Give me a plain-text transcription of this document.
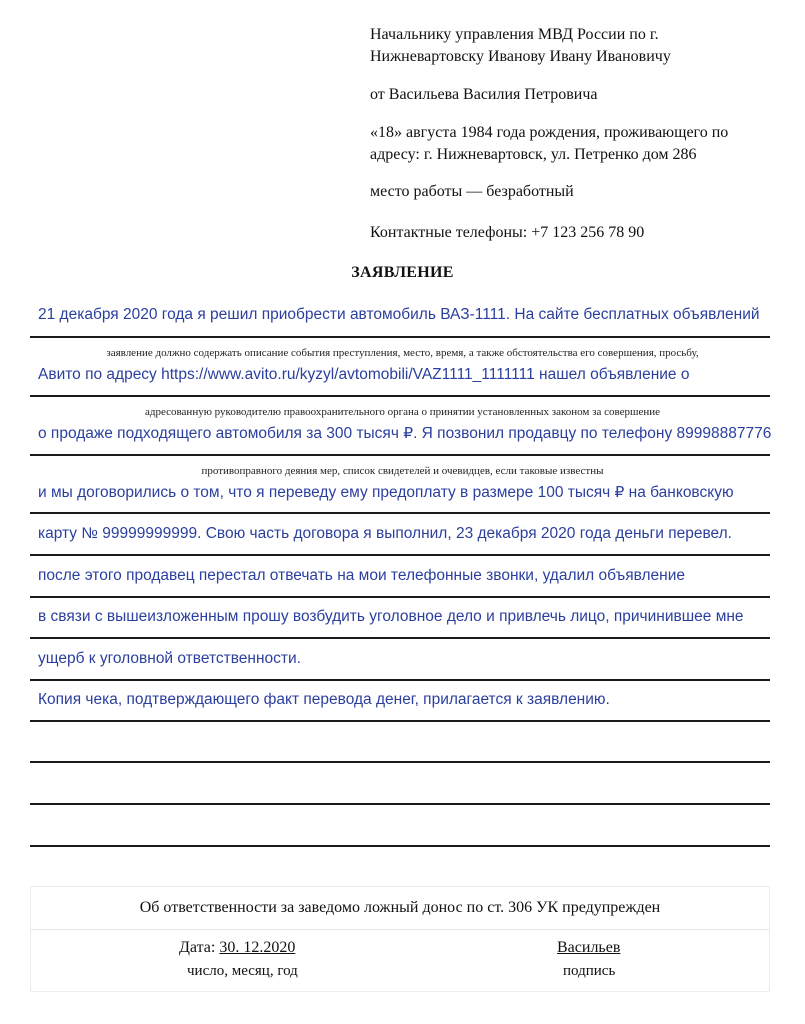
Начальнику управления МВД России по г.

Нижневартовску Иванову Ивану Ивановичу

от Васильева Василия Петровича

«18» августа 1984 года рождения, проживающего по

адресу: г. Нижневартовск, ул. Петренко дом 286

место работы — безработный

Контактные телефоны: +7 123 256 78 90

ЗАЯВЛЕНИЕ
21 декабря 2020 года я решил приобрести автомобиль ВАЗ-1111. На сайте бесплатных объявлений
заявление должно содержать описание события преступления, место, время, а также обстоятельства его совершения, просьбу,
Авито по адресу https://www.avito.ru/kyzyl/avtomobili/VAZ1111_1111111 нашел объявление о
адресованную руководителю правоохранительного органа о принятии установленных законом за совершение
о продаже подходящего автомобиля за 300 тысяч ₽. Я позвонил продавцу по телефону 89998887776
противоправного деяния мер, список свидетелей и очевидцев, если таковые известны
и мы договорились о том, что я переведу ему предоплату в размере 100 тысяч ₽ на банковскую
карту № 99999999999. Свою часть договора я выполнил, 23 декабря 2020 года деньги перевел.
после этого продавец перестал отвечать на мои телефонные звонки, удалил объявление
в связи с вышеизложенным прошу возбудить уголовное дело и привлечь лицо, причинившее мне
ущерб к уголовной ответственности.
Копия чека, подтверждающего факт перевода денег, прилагается к заявлению.
Об ответственности за заведомо ложный донос по ст. 306 УК предупрежден
Дата: 30. 12.2020
число, месяц, год
Васильев
подпись
